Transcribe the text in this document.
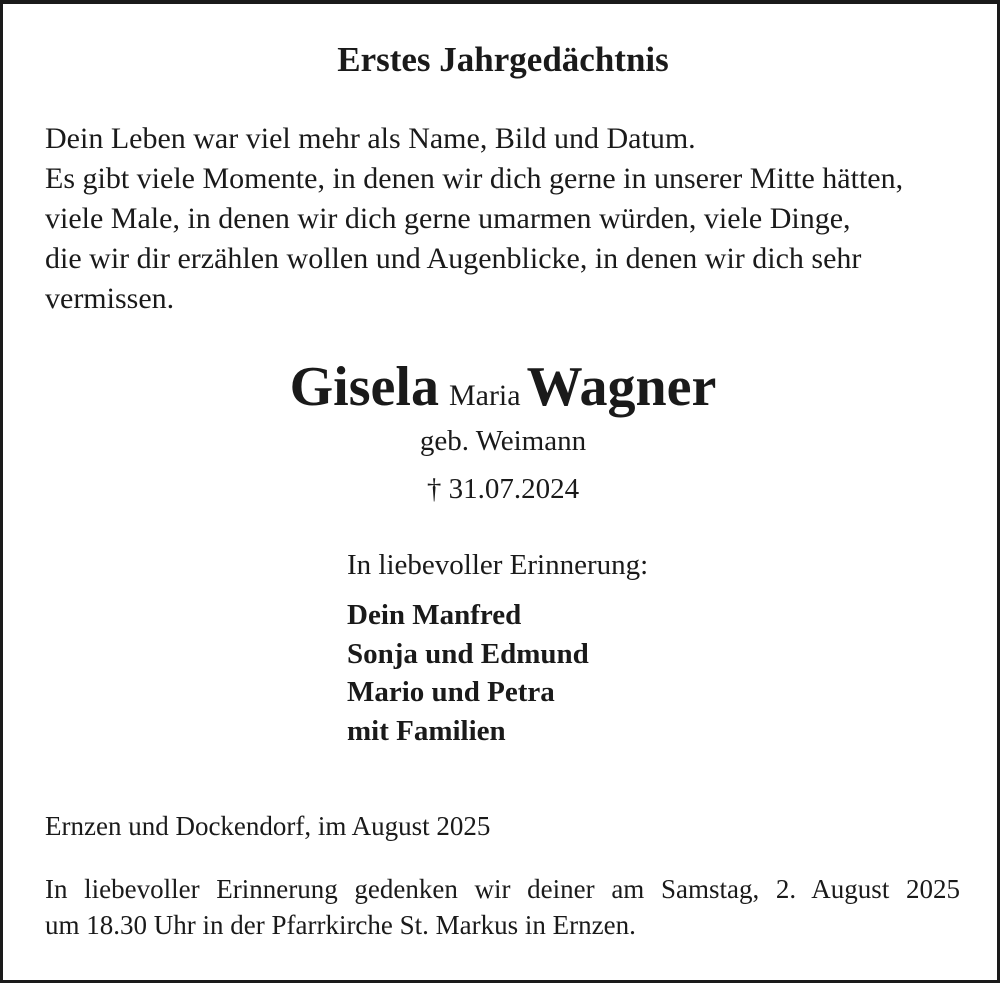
Erstes Jahrgedächtnis
Dein Leben war viel mehr als Name, Bild und Datum.
Es gibt viele Momente, in denen wir dich gerne in unserer Mitte hätten,
viele Male, in denen wir dich gerne umarmen würden, viele Dinge,
die wir dir erzählen wollen und Augenblicke, in denen wir dich sehr
vermissen.
Gisela Maria Wagner
geb. Weimann
† 31.07.2024
In liebevoller Erinnerung:
Dein Manfred
Sonja und Edmund
Mario und Petra
mit Familien
Ernzen und Dockendorf, im August 2025
In liebevoller Erinnerung gedenken wir deiner am Samstag, 2. August 2025
um 18.30 Uhr in der Pfarrkirche St. Markus in Ernzen.
